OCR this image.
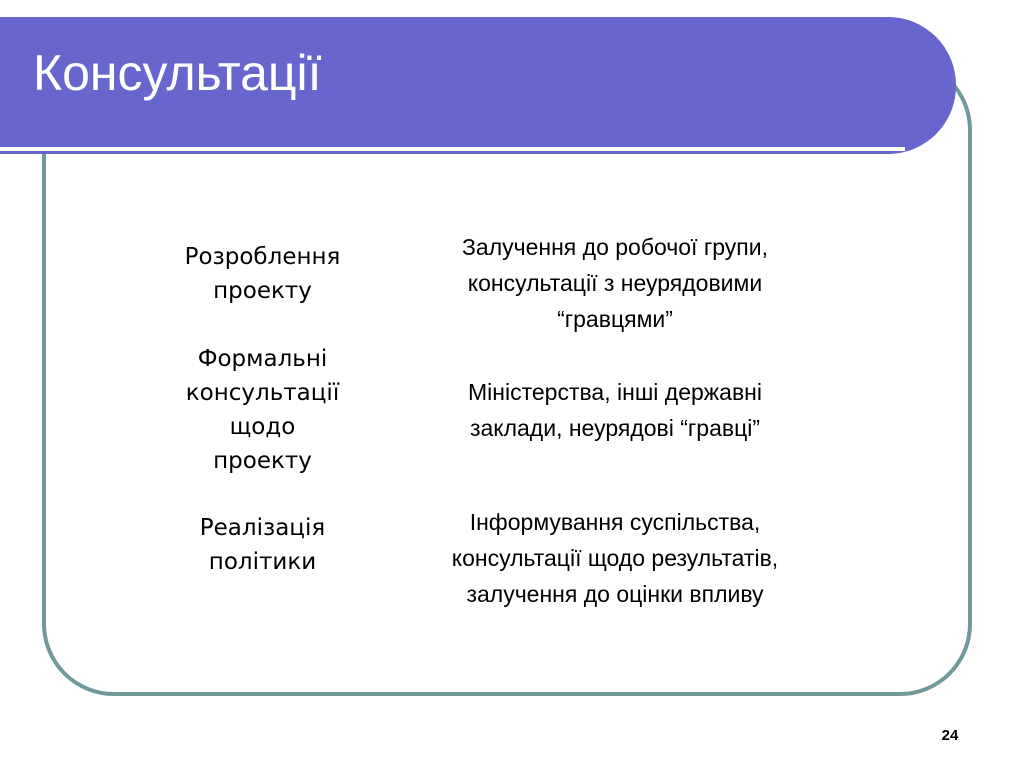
Консультації
Розроблення
проекту
Залучення до робочої групи,
консультації з неурядовими
“гравцями”
Формальні
консультації
щодо
проекту
Міністерства, інші державні
заклади, неурядові “гравці”
Реалізація
політики
Інформування суспільства,
консультації щодо результатів,
залучення до оцінки впливу
24
